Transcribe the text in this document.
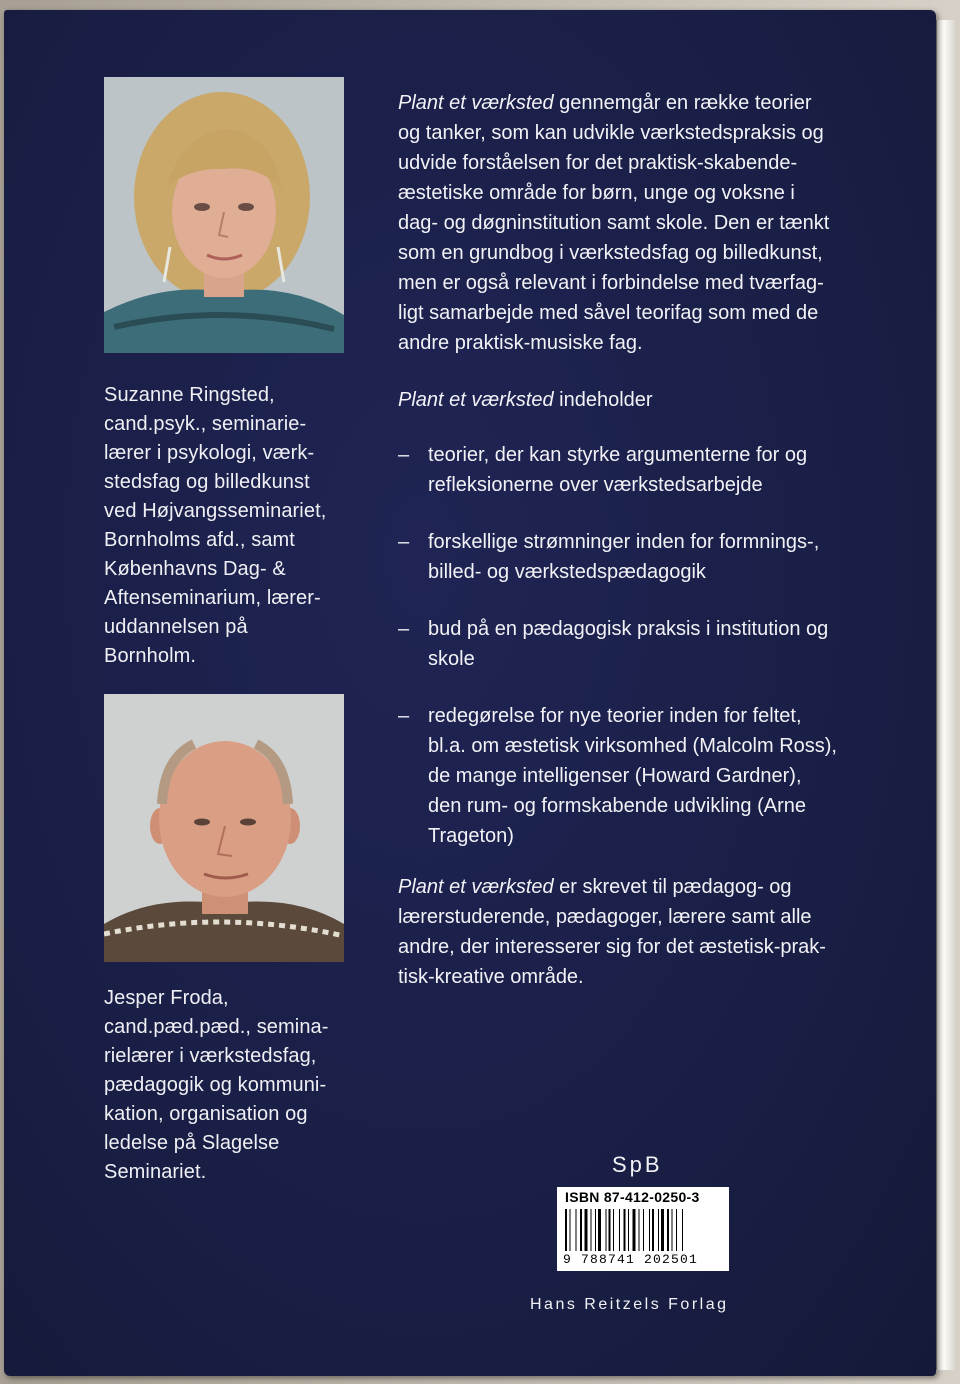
Suzanne Ringsted,
cand.psyk., seminarie-
lærer i psykologi, værk-
stedsfag og billedkunst
ved Højvangsseminariet,
Bornholms afd., samt
Københavns Dag- &
Aftenseminarium, lærer-
uddannelsen på
Bornholm.
Jesper Froda,
cand.pæd.pæd., semina-
rielærer i værkstedsfag,
pædagogik og kommuni-
kation, organisation og
ledelse på Slagelse
Seminariet.
Plant et værksted gennemgår en række teorier
og tanker, som kan udvikle værkstedspraksis og
udvide forståelsen for det praktisk-skabende-
æstetiske område for børn, unge og voksne i
dag- og døgninstitution samt skole. Den er tænkt
som en grundbog i værkstedsfag og billedkunst,
men er også relevant i forbindelse med tværfag-
ligt samarbejde med såvel teorifag som med de
andre praktisk-musiske fag.
Plant et værksted indeholder
– teorier, der kan styrke argumenterne for og
refleksionerne over værkstedsarbejde
– forskellige strømninger inden for formnings-,
billed- og værkstedspædagogik
– bud på en pædagogisk praksis i institution og
skole
– redegørelse for nye teorier inden for feltet,
bl.a. om æstetisk virksomhed (Malcolm Ross),
de mange intelligenser (Howard Gardner),
den rum- og formskabende udvikling (Arne
Trageton)
Plant et værksted er skrevet til pædagog- og
lærerstuderende, pædagoger, lærere samt alle
andre, der interesserer sig for det æstetisk-prak-
tisk-kreative område.
SpB
ISBN 87-412-0250-3
9 788741 202501
Hans Reitzels Forlag
